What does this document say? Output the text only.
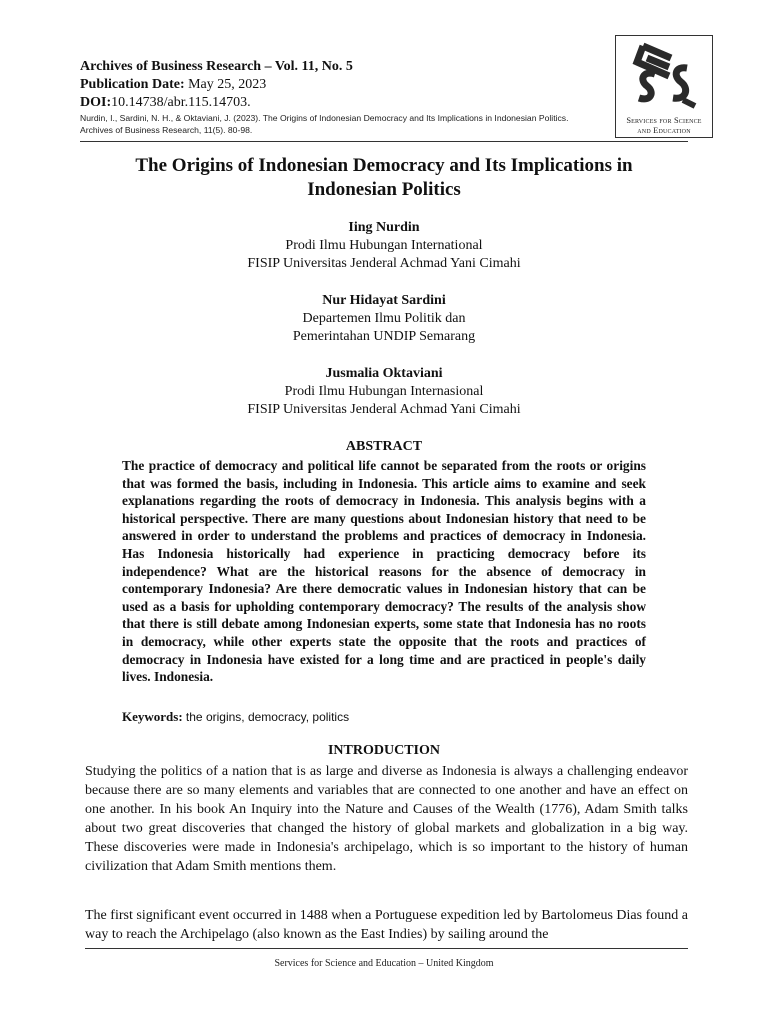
Archives of Business Research – Vol. 11, No. 5
Publication Date: May 25, 2023
DOI:10.14738/abr.115.14703.
Nurdin, I., Sardini, N. H., & Oktaviani, J. (2023). The Origins of Indonesian Democracy and Its Implications in Indonesian Politics.
Archives of Business Research, 11(5). 80-98.
Services for Science
and Education
The Origins of Indonesian Democracy and Its Implications in
Indonesian Politics
Iing Nurdin
Prodi Ilmu Hubungan International
FISIP Universitas Jenderal Achmad Yani Cimahi
Nur Hidayat Sardini
Departemen Ilmu Politik dan
Pemerintahan UNDIP Semarang
Jusmalia Oktaviani
Prodi Ilmu Hubungan Internasional
FISIP Universitas Jenderal Achmad Yani Cimahi
ABSTRACT
The practice of democracy and political life cannot be separated from the roots or origins that was formed the basis, including in Indonesia. This article aims to examine and seek explanations regarding the roots of democracy in Indonesia. This analysis begins with a historical perspective. There are many questions about Indonesian history that need to be answered in order to understand the problems and practices of democracy in Indonesia. Has Indonesia historically had experience in practicing democracy before its independence? What are the historical reasons for the absence of democracy in contemporary Indonesia? Are there democratic values in Indonesian history that can be used as a basis for upholding contemporary democracy? The results of the analysis show that there is still debate among Indonesian experts, some state that Indonesia has no roots in democracy, while other experts state the opposite that the roots and practices of democracy in Indonesia have existed for a long time and are practiced in people's daily lives. Indonesia.
Keywords: the origins, democracy, politics
INTRODUCTION
Studying the politics of a nation that is as large and diverse as Indonesia is always a challenging endeavor because there are so many elements and variables that are connected to one another and have an effect on one another. In his book An Inquiry into the Nature and Causes of the Wealth (1776), Adam Smith talks about two great discoveries that changed the history of global markets and globalization in a big way. These discoveries were made in Indonesia's archipelago, which is so important to the history of human civilization that Adam Smith mentions them.
The first significant event occurred in 1488 when a Portuguese expedition led by Bartolomeus Dias found a way to reach the Archipelago (also known as the East Indies) by sailing around the
Services for Science and Education – United Kingdom
